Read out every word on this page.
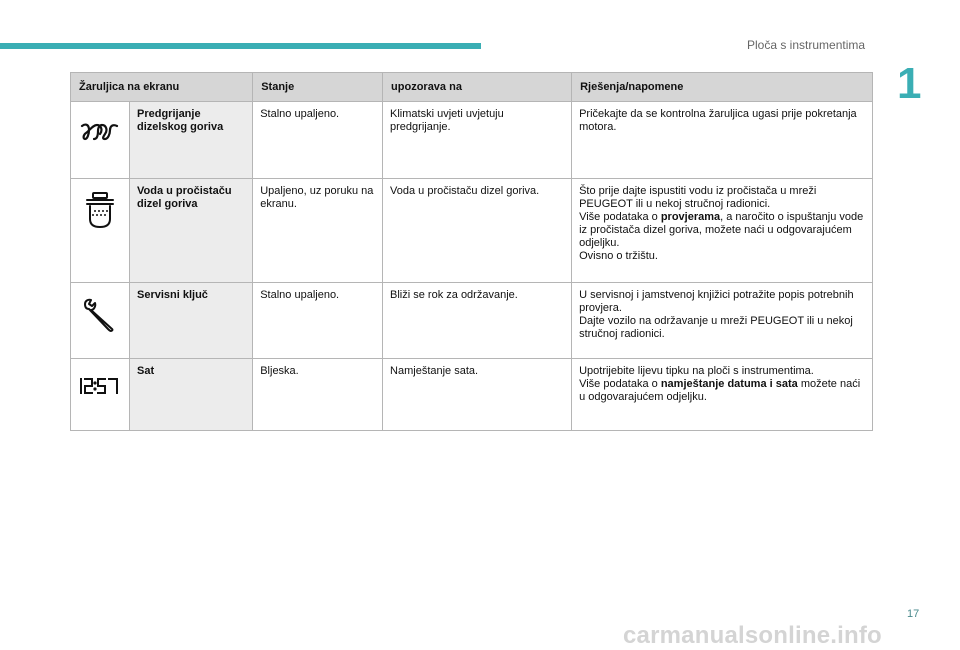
Ploča s instrumentima
1
Žaruljica na ekranu		Stanje	upozorava na	Rješenja/napomene

	Predgrijanje dizelskog goriva	Stalno upaljeno.	Klimatski uvjeti uvjetuju predgrijanje.	Pričekajte da se kontrolna žaruljica ugasi prije pokretanja motora.

	Voda u pročistaču dizel goriva	Upaljeno, uz poruku na ekranu.	Voda u pročistaču dizel goriva.	Što prije dajte ispustiti vodu iz pročistača u mreži PEUGEOT ili u nekoj stručnoj radionici.
Više podataka o provjerama, a naročito o ispuštanju vode iz pročistača dizel goriva, možete naći u odgovarajućem odjeljku.
Ovisno o tržištu.

	Servisni ključ	Stalno upaljeno.	Bliži se rok za održavanje.	U servisnoj i jamstvenoj knjižici potražite popis potrebnih provjera.
Dajte vozilo na održavanje u mreži PEUGEOT ili u nekoj stručnoj radionici.

	Sat	Bljeska.	Namještanje sata.	Upotrijebite lijevu tipku na ploči s instrumentima.
Više podataka o namještanje datuma i sata možete naći u odgovarajućem odjeljku.
17
carmanualsonline.info
